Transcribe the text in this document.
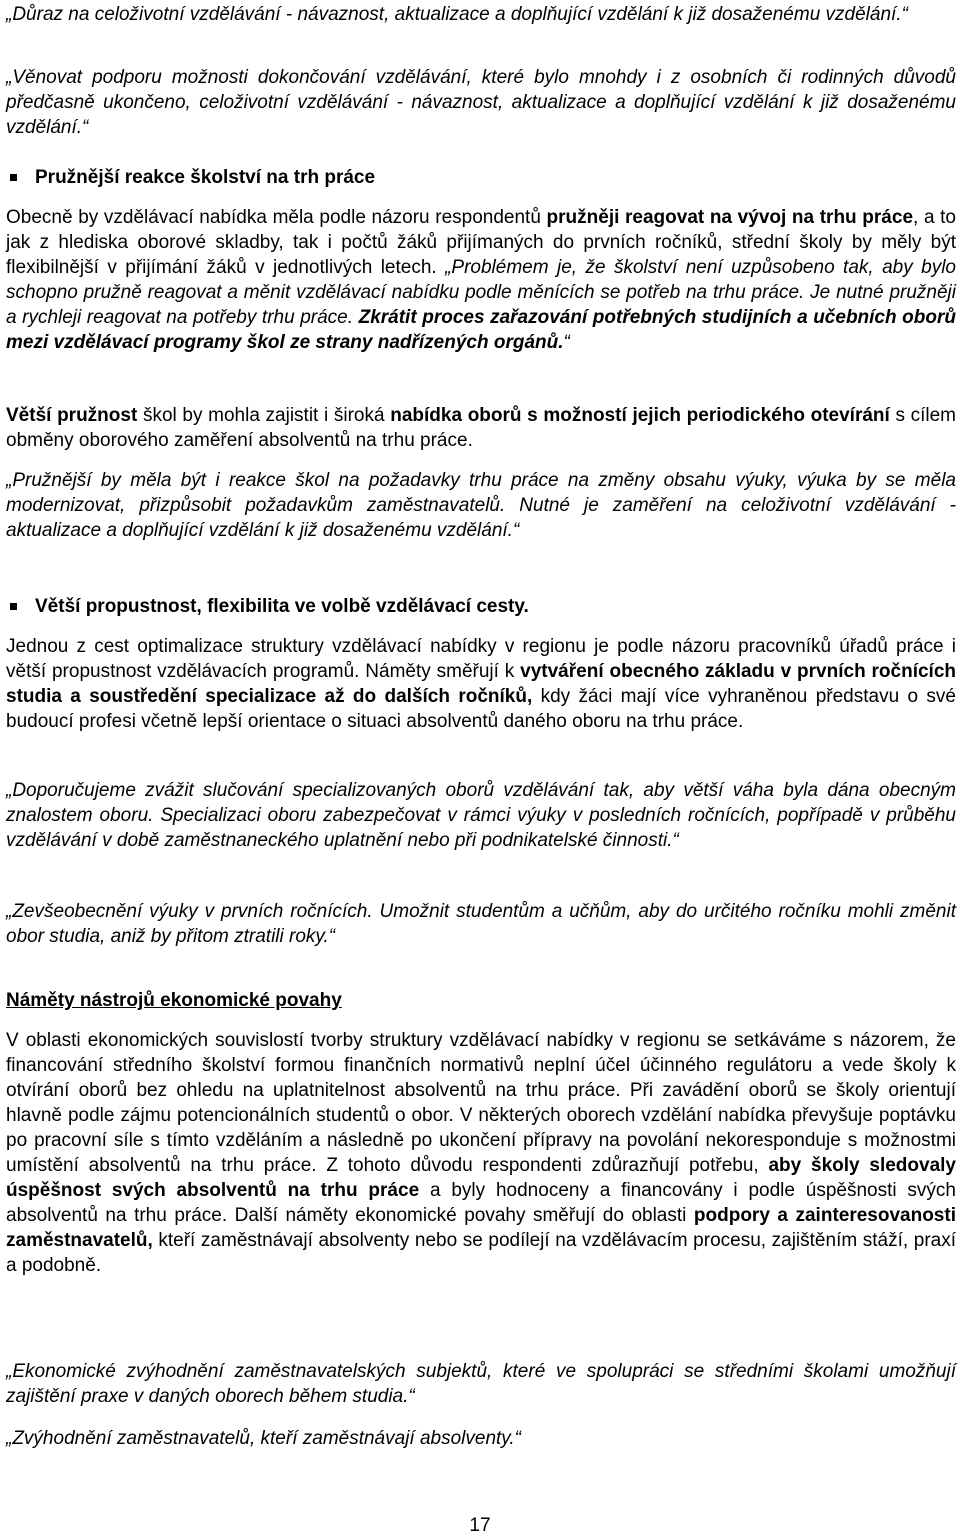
„Důraz na celoživotní vzdělávání - návaznost, aktualizace a doplňující vzdělání k již dosaženému vzdělání.“

„Věnovat podporu možnosti dokončování vzdělávání, které bylo mnohdy i z osobních či rodinných důvodů předčasně ukončeno, celoživotní vzdělávání - návaznost, aktualizace a doplňující vzdělání k již dosaženému vzdělání.“

Pružnější reakce školství na trh práce

Obecně by vzdělávací nabídka měla podle názoru respondentů pružněji reagovat na vývoj na trhu práce, a to jak z hlediska oborové skladby, tak i počtů žáků přijímaných do prvních ročníků, střední školy by měly být flexibilnější v přijímání žáků v jednotlivých letech. „Problémem je, že školství není uzpůsobeno tak, aby bylo schopno pružně reagovat a měnit vzdělávací nabídku podle měnících se potřeb na trhu práce. Je nutné pružněji a rychleji reagovat na potřeby trhu práce. Zkrátit proces zařazování potřebných studijních a učebních oborů mezi vzdělávací programy škol ze strany nadřízených orgánů.“

Větší pružnost škol by mohla zajistit i široká nabídka oborů s možností jejich periodického otevírání s cílem obměny oborového zaměření absolventů na trhu práce.

„Pružnější by měla být i reakce škol na požadavky trhu práce na změny obsahu výuky, výuka by se měla modernizovat, přizpůsobit požadavkům zaměstnavatelů. Nutné je zaměření na celoživotní vzdělávání - aktualizace a doplňující vzdělání k již dosaženému vzdělání.“

Větší propustnost, flexibilita ve volbě vzdělávací cesty.

Jednou z cest optimalizace struktury vzdělávací nabídky v regionu je podle názoru pracovníků úřadů práce i větší propustnost vzdělávacích programů. Náměty směřují k vytváření obecného základu v prvních ročnících studia a soustředění specializace až do dalších ročníků, kdy žáci mají více vyhraněnou představu o své budoucí profesi včetně lepší orientace o situaci absolventů daného oboru na trhu práce.

„Doporučujeme zvážit slučování specializovaných oborů vzdělávání tak, aby větší váha byla dána obecným znalostem oboru. Specializaci oboru zabezpečovat v rámci výuky v posledních ročnících, popřípadě v průběhu vzdělávání v době zaměstnaneckého uplatnění nebo při podnikatelské činnosti.“

„Zevšeobecnění výuky v prvních ročnících. Umožnit studentům a učňům, aby do určitého ročníku mohli změnit obor studia, aniž by přitom ztratili roky.“

Náměty nástrojů ekonomické povahy

V oblasti ekonomických souvislostí tvorby struktury vzdělávací nabídky v regionu se setkáváme s názorem, že financování středního školství formou finančních normativů neplní účel účinného regulátoru a vede školy k otvírání oborů bez ohledu na uplatnitelnost absolventů na trhu práce. Při zavádění oborů se školy orientují hlavně podle zájmu potencionálních studentů o obor. V některých oborech vzdělání nabídka převyšuje poptávku po pracovní síle s tímto vzděláním a následně po ukončení přípravy na povolání nekoresponduje s možnostmi umístění absolventů na trhu práce. Z tohoto důvodu respondenti zdůrazňují potřebu, aby školy sledovaly úspěšnost svých absolventů na trhu práce a byly hodnoceny a financovány i podle úspěšnosti svých absolventů na trhu práce. Další náměty ekonomické povahy směřují do oblasti podpory a zainteresovanosti zaměstnavatelů, kteří zaměstnávají absolventy nebo se podílejí na vzdělávacím procesu, zajištěním stáží, praxí a podobně.

„Ekonomické zvýhodnění zaměstnavatelských subjektů, které ve spolupráci se středními školami umožňují zajištění praxe v daných oborech během studia.“

„Zvýhodnění zaměstnavatelů, kteří zaměstnávají absolventy.“

17
